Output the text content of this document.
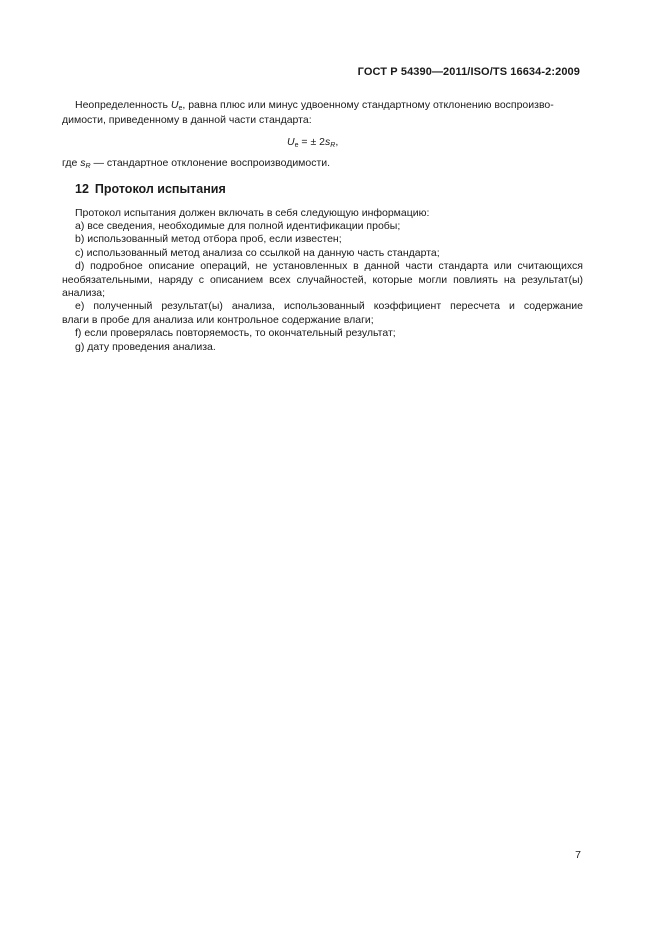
ГОСТ Р 54390—2011/ISO/TS 16634-2:2009
Неопределенность $U_e$, равна плюс или минус удвоенному стандартному отклонению воспроизво-
димости, приведенному в данной части стандарта:
$U_e$ = ± $2s_R$,
где $s_R$ — стандартное отклонение воспроизводимости.
12 Протокол испытания
Протокол испытания должен включать в себя следующую информацию:
a) все сведения, необходимые для полной идентификации пробы;
b) использованный метод отбора проб, если известен;
c) использованный метод анализа со ссылкой на данную часть стандарта;
d) подробное описание операций, не установленных в данной части стандарта или считающихся
необязательными, наряду с описанием всех случайностей, которые могли повлиять на результат(ы)
анализа;
e) полученный результат(ы) анализа, использованный коэффициент пересчета и содержание
влаги в пробе для анализа или контрольное содержание влаги;
f) если проверялась повторяемость, то окончательный результат;
g) дату проведения анализа.
7
